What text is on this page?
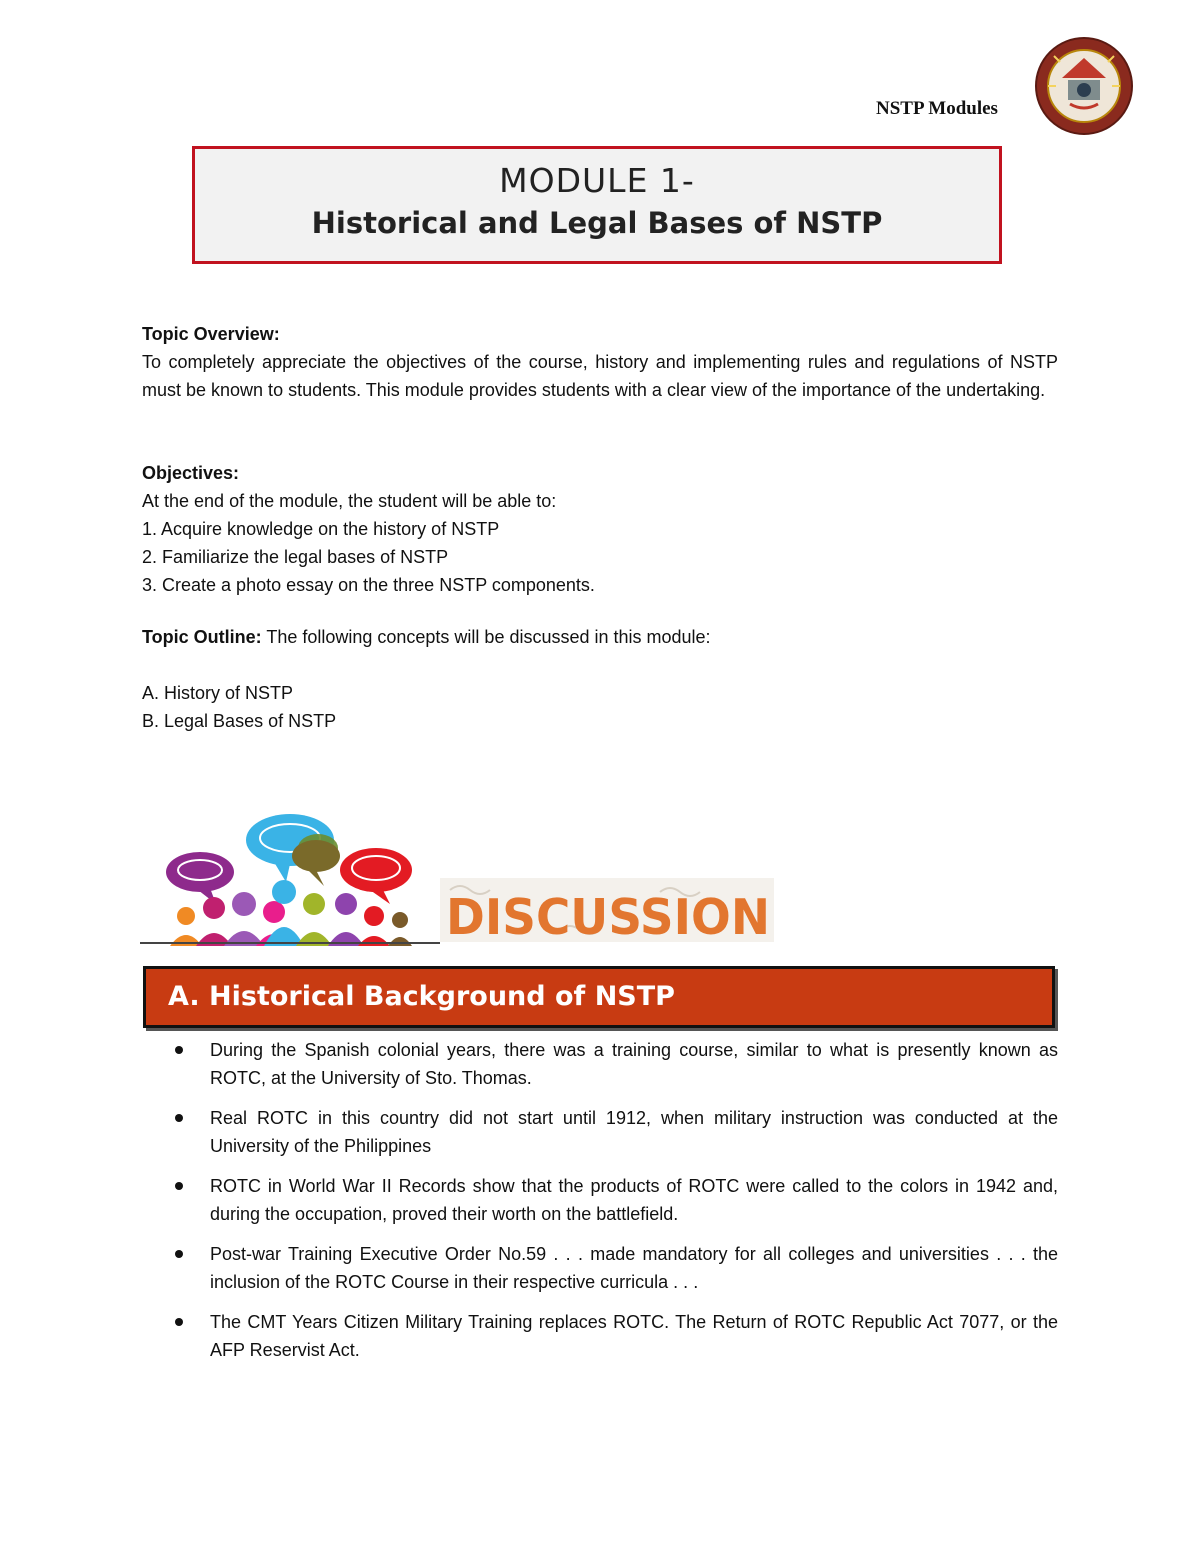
NSTP Modules
MODULE 1-
Historical and Legal Bases of NSTP
Topic Overview:
To completely appreciate the objectives of the course, history and implementing rules and regulations of NSTP must be known to students. This module provides students with a clear view of the importance of the undertaking.
Objectives:
At the end of the module, the student will be able to:
1. Acquire knowledge on the history of NSTP
2. Familiarize the legal bases of NSTP
3. Create a photo essay on the three NSTP components.
Topic Outline: The following concepts will be discussed in this module:

A. History of NSTP
B. Legal Bases of NSTP
DISCUSSION
A. Historical Background of NSTP
During the Spanish colonial years, there was a training course, similar to what is presently known as ROTC, at the University of Sto. Thomas.
Real ROTC in this country did not start until 1912, when military instruction was conducted at the University of the Philippines
ROTC in World War II Records show that the products of ROTC were called to the colors in 1942 and, during the occupation, proved their worth on the battlefield.
Post-war Training Executive Order No.59 . . . made mandatory for all colleges and universities . . . the inclusion of the ROTC Course in their respective curricula . . .
The CMT Years Citizen Military Training replaces ROTC. The Return of ROTC Republic Act 7077, or the AFP Reservist Act.
